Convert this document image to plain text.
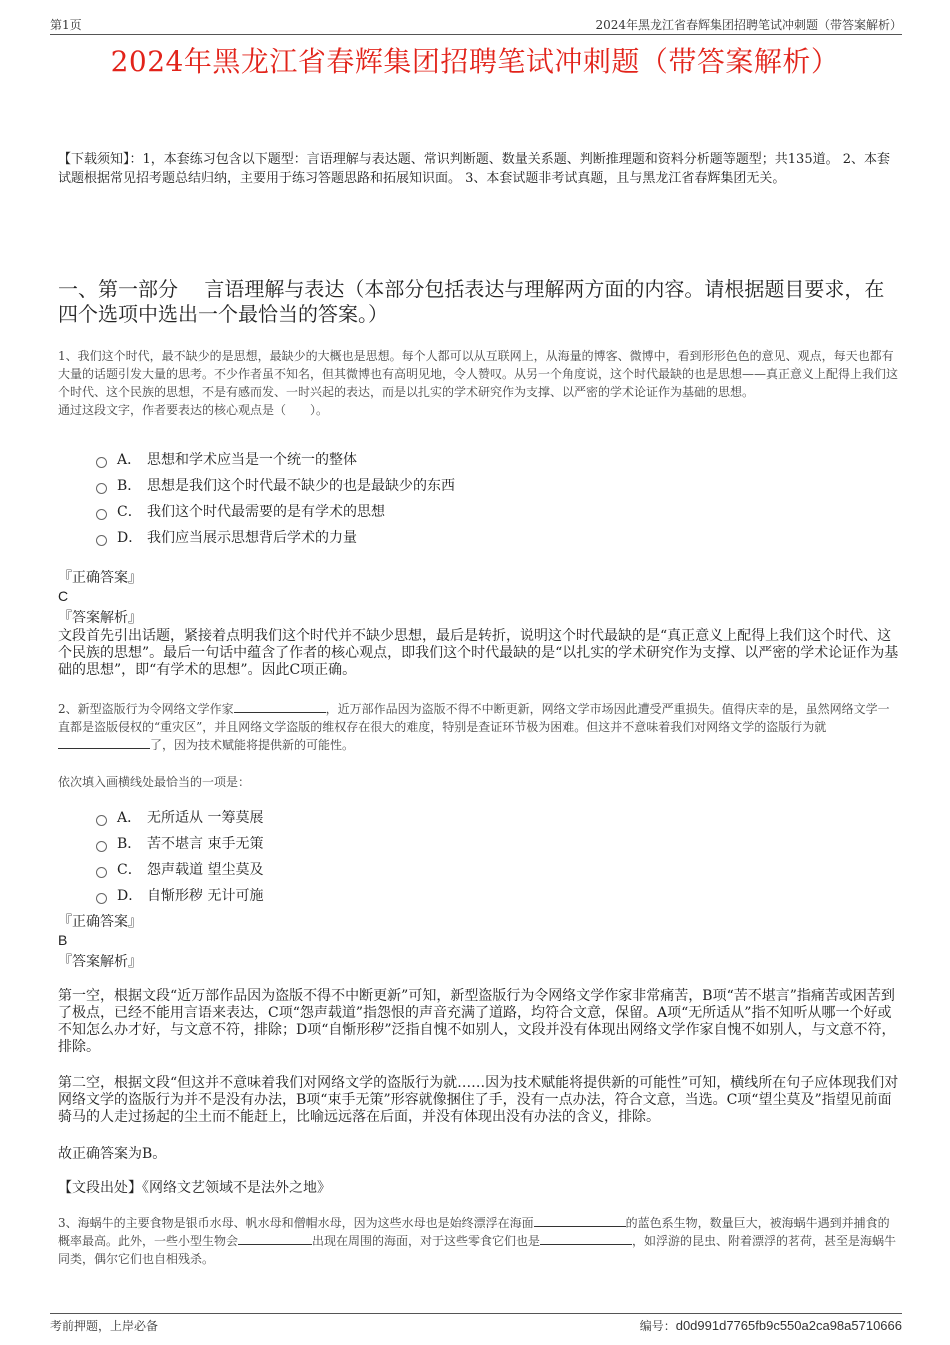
第1页	2024年黑龙江省春辉集团招聘笔试冲刺题（带答案解析）
2024年黑龙江省春辉集团招聘笔试冲刺题（带答案解析）
【下载须知】：1，本套练习包含以下题型：言语理解与表达题、常识判断题、数量关系题、判断推理题和资料分析题等题型；共135道。 2、本套试题根据常见招考题总结归纳，主要用于练习答题思路和拓展知识面。 3、本套试题非考试真题，且与黑龙江省春辉集团无关。
一、第一部分　 言语理解与表达（本部分包括表达与理解两方面的内容。请根据题目要求，在四个选项中选出一个最恰当的答案。）

1、我们这个时代，最不缺少的是思想，最缺少的大概也是思想。每个人都可以从互联网上，从海量的博客、微博中，看到形形色色的意见、观点，每天也都有大量的话题引发大量的思考。不少作者虽不知名，但其微博也有高明见地，令人赞叹。从另一个角度说，这个时代最缺的也是思想——真正意义上配得上我们这个时代、这个民族的思想，不是有感而发、一时兴起的表达，而是以扎实的学术研究作为支撑、以严密的学术论证作为基础的思想。

通过这段文字，作者要表达的核心观点是（　　）。

A． 思想和学术应当是一个统一的整体
B． 思想是我们这个时代最不缺少的也是最缺少的东西
C． 我们这个时代最需要的是有学术的思想
D． 我们应当展示思想背后学术的力量
『正确答案』
C
『答案解析』
文段首先引出话题，紧接着点明我们这个时代并不缺少思想，最后是转折，说明这个时代最缺的是“真正意义上配得上我们这个时代、这个民族的思想”。最后一句话中蕴含了作者的核心观点，即我们这个时代最缺的是“以扎实的学术研究作为支撑、以严密的学术论证作为基础的思想”，即“有学术的思想”。因此C项正确。

2、新型盗版行为令网络文学作家	，近万部作品因为盗版不得不中断更新，网络文学市场因此遭受严重损失。值得庆幸的是，虽然网络文学一直都是盗版侵权的“重灾区”，并且网络文学盗版的维权存在很大的难度，特别是查证环节极为困难。但这并不意味着我们对网络文学的盗版行为就了，因为技术赋能将提供新的可能性。

依次填入画横线处最恰当的一项是：
A． 无所适从 一筹莫展
B． 苦不堪言 束手无策
C． 怨声载道 望尘莫及
D． 自惭形秽 无计可施
『正确答案』
B
『答案解析』
第一空，根据文段“近万部作品因为盗版不得不中断更新”可知，新型盗版行为令网络文学作家非常痛苦，B项“苦不堪言”指痛苦或困苦到了极点，已经不能用言语来表达，C项“怨声载道”指怨恨的声音充满了道路，均符合文意，保留。A项“无所适从”指不知听从哪一个好或不知怎么办才好，与文意不符，排除；D项“自惭形秽”泛指自愧不如别人，文段并没有体现出网络文学作家自愧不如别人，与文意不符，排除。
第二空，根据文段“但这并不意味着我们对网络文学的盗版行为就……因为技术赋能将提供新的可能性”可知，横线所在句子应体现我们对网络文学的盗版行为并不是没有办法，B项“束手无策”形容就像捆住了手，没有一点办法，符合文意，当选。C项“望尘莫及”指望见前面骑马的人走过扬起的尘土而不能赶上，比喻远远落在后面，并没有体现出没有办法的含义，排除。
故正确答案为B。
【文段出处】《网络文艺领域不是法外之地》

3、海蜗牛的主要食物是银币水母、帆水母和僧帽水母，因为这些水母也是始终漂浮在海面	的蓝色系生物，数量巨大，被海蜗牛遇到并捕食的概率最高。此外，一些小型生物会	出现在周围的海面，对于这些零食它们也是	，如浮游的昆虫、附着漂浮的茗荷，甚至是海蜗牛同类，偶尔它们也自相残杀。

考前押题，上岸必备	编号：d0d991d7765fb9c550a2ca98a5710666
